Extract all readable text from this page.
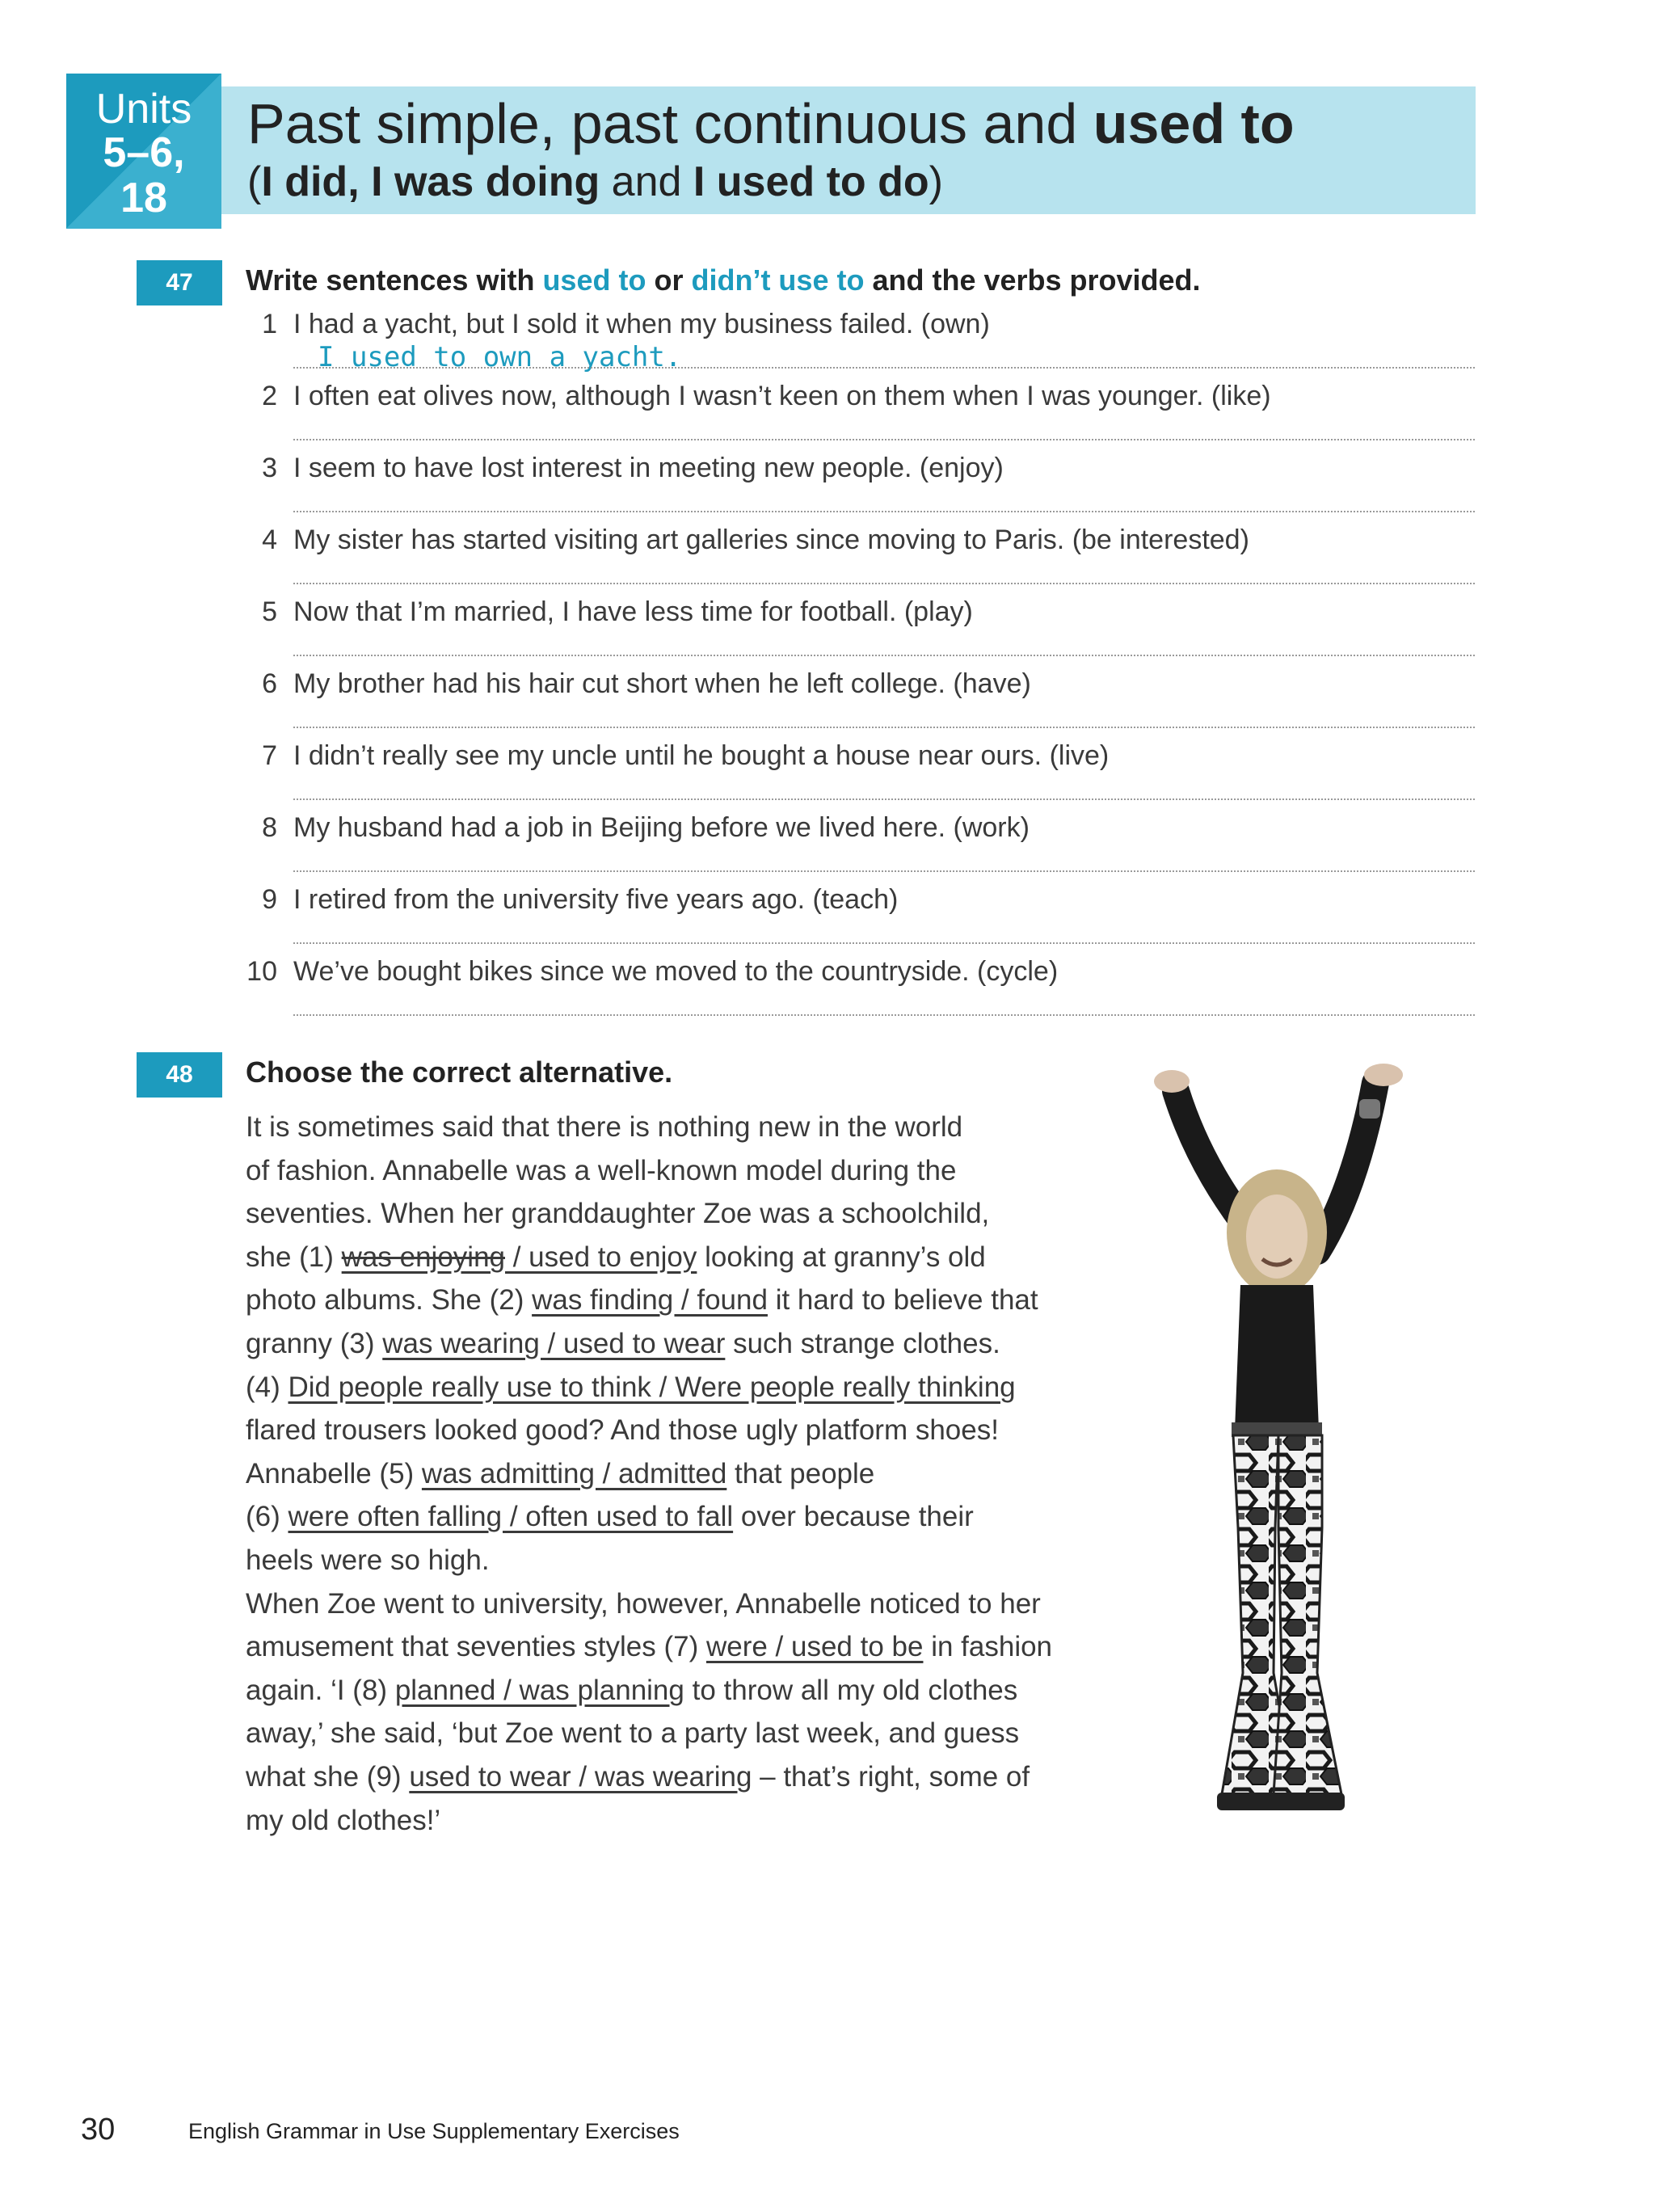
Units
5–6,
18
Past simple, past continuous and used to
(I did, I was doing and I used to do)
47	Write sentences with used to or didn’t use to and the verbs provided.
1 I had a yacht, but I sold it when my business failed. (own)
I used to own a yacht.
2 I often eat olives now, although I wasn’t keen on them when I was younger. (like)
3 I seem to have lost interest in meeting new people. (enjoy)
4 My sister has started visiting art galleries since moving to Paris. (be interested)
5 Now that I’m married, I have less time for football. (play)
6 My brother had his hair cut short when he left college. (have)
7 I didn’t really see my uncle until he bought a house near ours. (live)
8 My husband had a job in Beijing before we lived here. (work)
9 I retired from the university five years ago. (teach)
10 We’ve bought bikes since we moved to the countryside. (cycle)
48	Choose the correct alternative.
It is sometimes said that there is nothing new in the world
of fashion. Annabelle was a well-known model during the
seventies. When her granddaughter Zoe was a schoolchild,
she (1) was enjoying / used to enjoy looking at granny’s old
photo albums. She (2) was finding / found it hard to believe that
granny (3) was wearing / used to wear such strange clothes.
(4) Did people really use to think / Were people really thinking
flared trousers looked good? And those ugly platform shoes!
Annabelle (5) was admitting / admitted that people
(6) were often falling / often used to fall over because their
heels were so high.
When Zoe went to university, however, Annabelle noticed to her
amusement that seventies styles (7) were / used to be in fashion
again. ‘I (8) planned / was planning to throw all my old clothes
away,’ she said, ‘but Zoe went to a party last week, and guess
what she (9) used to wear / was wearing – that’s right, some of
my old clothes!’
30	English Grammar in Use Supplementary Exercises
